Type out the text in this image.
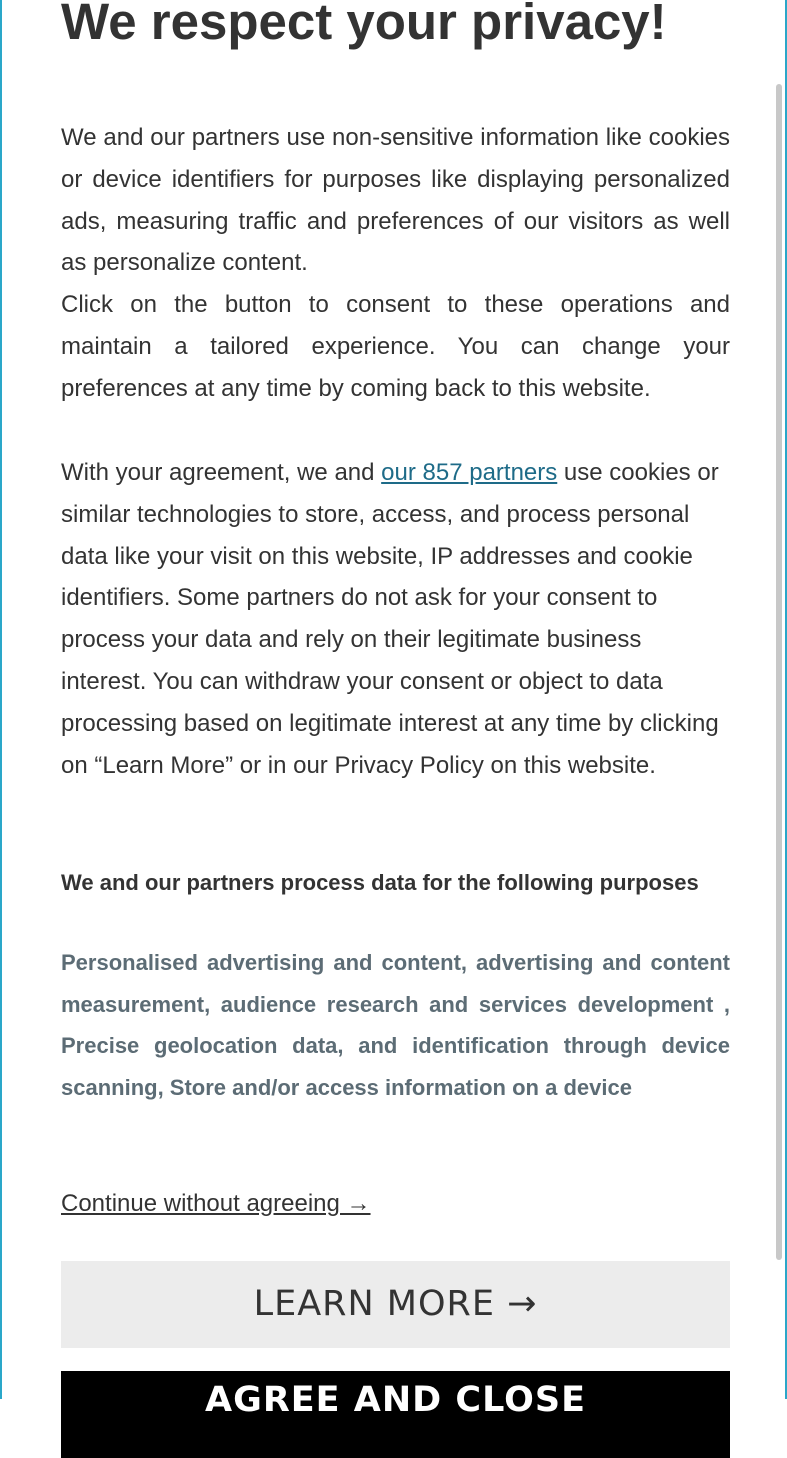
We respect your privacy!
We and our partners use non-sensitive information like cookies or device identifiers for purposes like displaying personalized ads, measuring traffic and preferences of our visitors as well as personalize content.
Click on the button to consent to these operations and maintain a tailored experience. You can change your preferences at any time by coming back to this website.

With your agreement, we and our 857 partners use cookies or similar technologies to store, access, and process personal data like your visit on this website, IP addresses and cookie identifiers. Some partners do not ask for your consent to process your data and rely on their legitimate business interest. You can withdraw your consent or object to data processing based on legitimate interest at any time by clicking on “Learn More” or in our Privacy Policy on this website.

We and our partners process data for the following purposes

Personalised advertising and content, advertising and content measurement, audience research and services development , Precise geolocation data, and identification through device scanning, Store and/or access information on a device

Continue without agreeing →
LEARN MORE →
AGREE AND CLOSE
